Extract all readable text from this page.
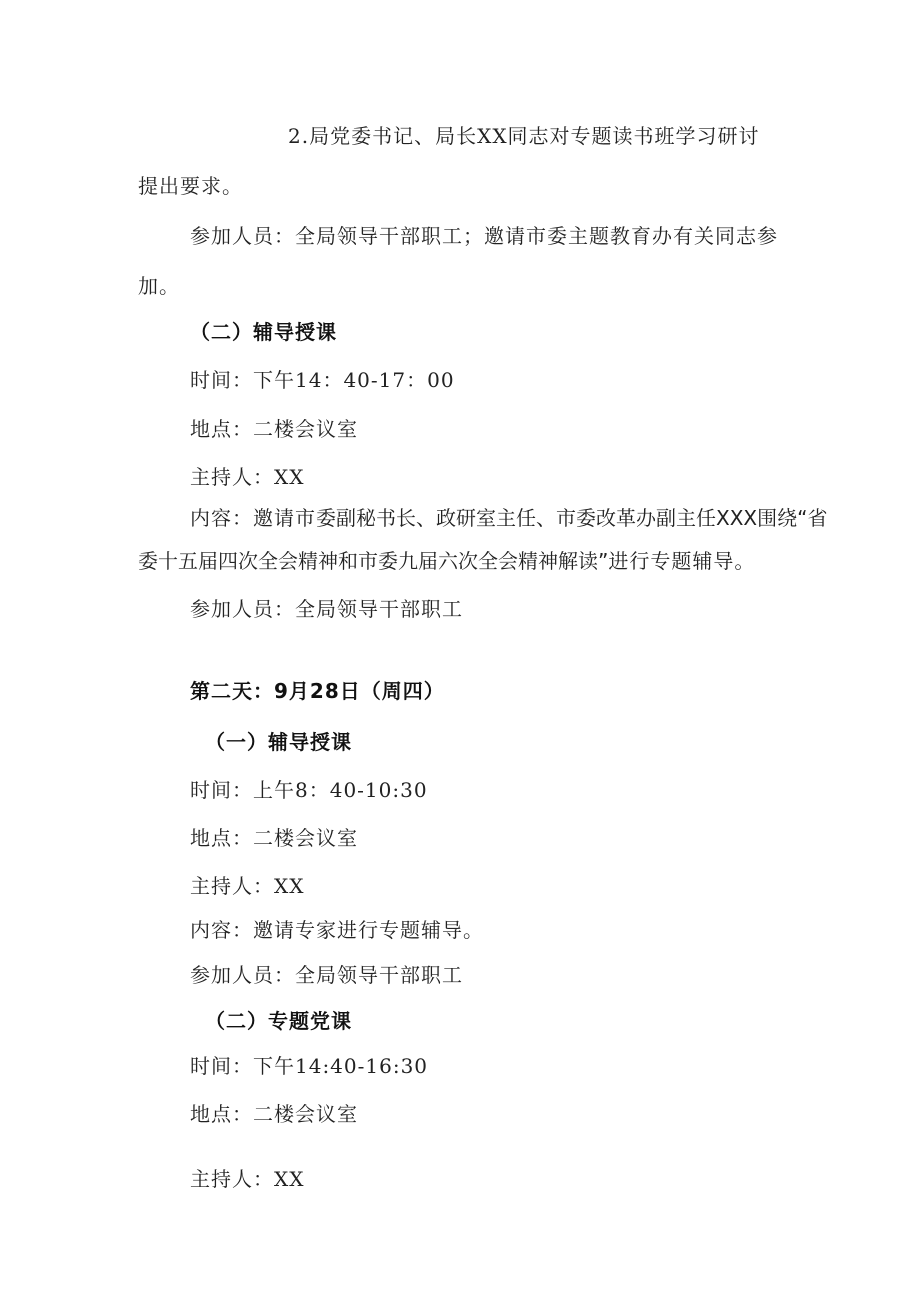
2.局党委书记、局长XX同志对专题读书班学习研讨
提出要求。
参加人员：全局领导干部职工；邀请市委主题教育办有关同志参
加。
（二）辅导授课
时间：下午14：40-17：00
地点：二楼会议室
主持人：XX
内容：邀请市委副秘书长、政研室主任、市委改革办副主任XXX围绕“省
委十五届四次全会精神和市委九届六次全会精神解读”进行专题辅导。
参加人员：全局领导干部职工
第二天：9月28日（周四）
（一）辅导授课
时间：上午8：40-10:30
地点：二楼会议室
主持人：XX
内容：邀请专家进行专题辅导。
参加人员：全局领导干部职工
（二）专题党课
时间：下午14:40-16:30
地点：二楼会议室
主持人：XX
